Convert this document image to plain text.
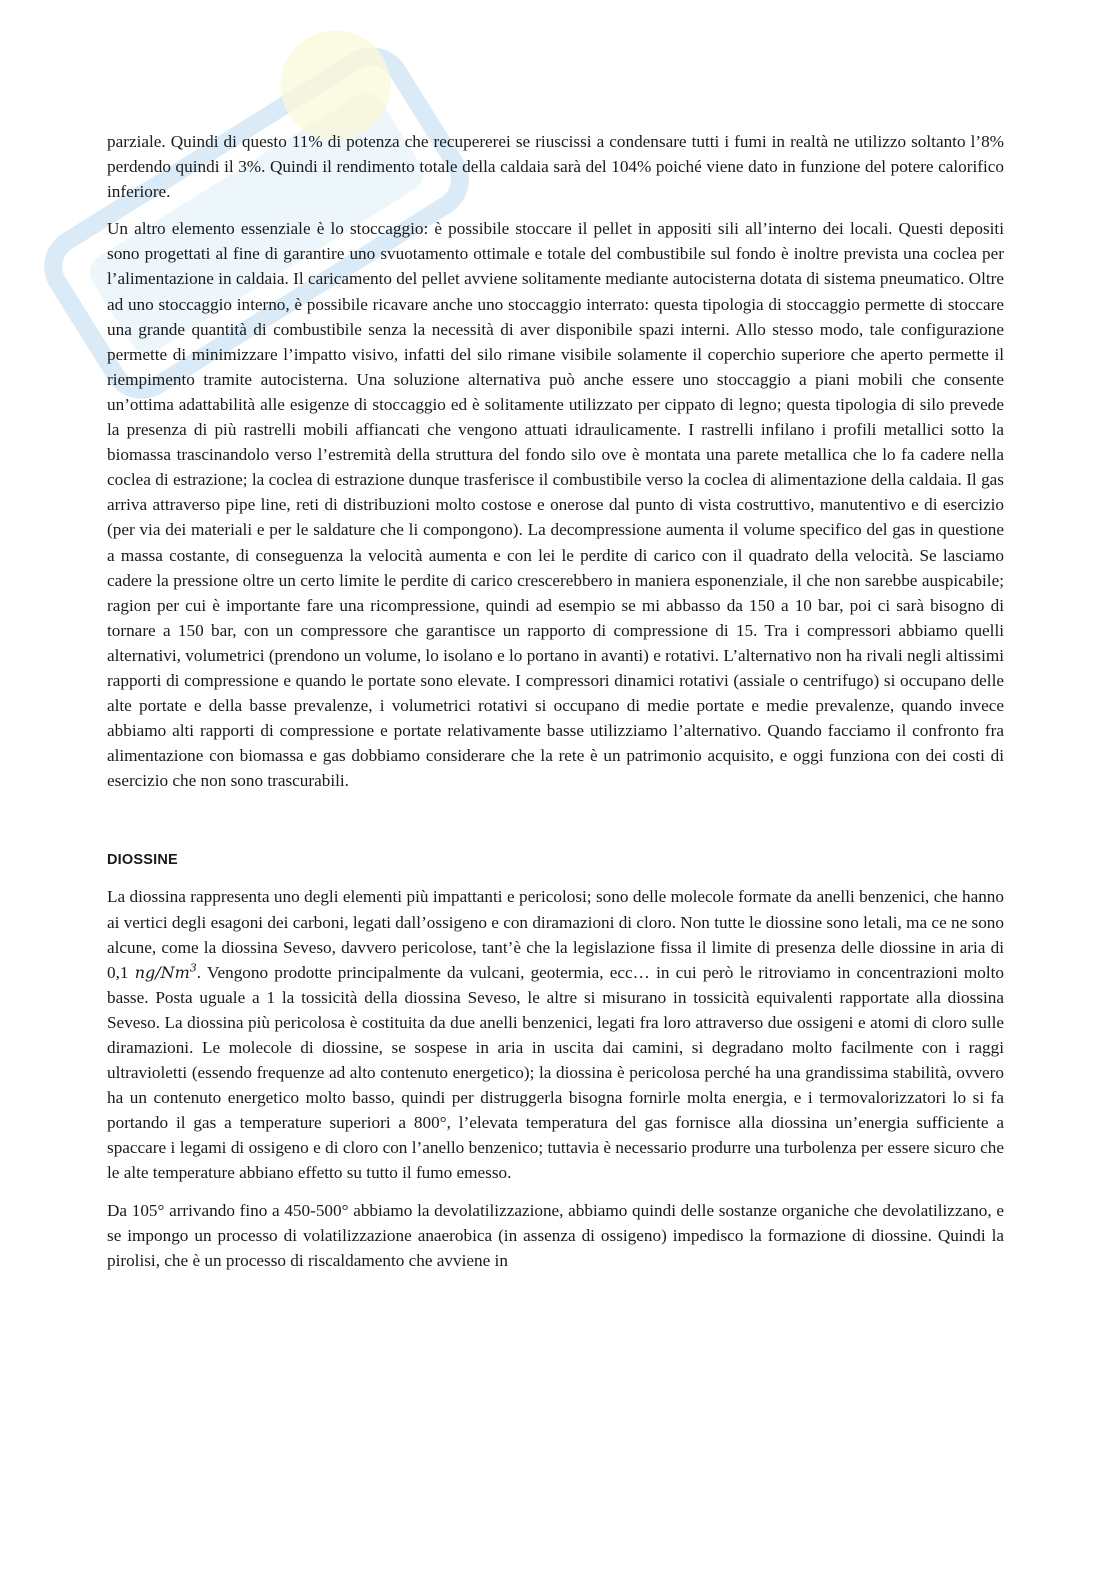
parziale. Quindi di questo 11% di potenza che recupererei se riuscissi a condensare tutti i fumi in realtà ne utilizzo soltanto l’8% perdendo quindi il 3%. Quindi il rendimento totale della caldaia sarà del 104% poiché viene dato in funzione del potere calorifico inferiore.

Un altro elemento essenziale è lo stoccaggio: è possibile stoccare il pellet in appositi sili all’interno dei locali. Questi depositi sono progettati al fine di garantire uno svuotamento ottimale e totale del combustibile sul fondo è inoltre prevista una coclea per l’alimentazione in caldaia. Il caricamento del pellet avviene solitamente mediante autocisterna dotata di sistema pneumatico. Oltre ad uno stoccaggio interno, è possibile ricavare anche uno stoccaggio interrato: questa tipologia di stoccaggio permette di stoccare una grande quantità di combustibile senza la necessità di aver disponibile spazi interni. Allo stesso modo, tale configurazione permette di minimizzare l’impatto visivo, infatti del silo rimane visibile solamente il coperchio superiore che aperto permette il riempimento tramite autocisterna. Una soluzione alternativa può anche essere uno stoccaggio a piani mobili che consente un’ottima adattabilità alle esigenze di stoccaggio ed è solitamente utilizzato per cippato di legno; questa tipologia di silo prevede la presenza di più rastrelli mobili affiancati che vengono attuati idraulicamente. I rastrelli infilano i profili metallici sotto la biomassa trascinandolo verso l’estremità della struttura del fondo silo ove è montata una parete metallica che lo fa cadere nella coclea di estrazione; la coclea di estrazione dunque trasferisce il combustibile verso la coclea di alimentazione della caldaia. Il gas arriva attraverso pipe line, reti di distribuzioni molto costose e onerose dal punto di vista costruttivo, manutentivo e di esercizio (per via dei materiali e per le saldature che li compongono). La decompressione aumenta il volume specifico del gas in questione a massa costante, di conseguenza la velocità aumenta e con lei le perdite di carico con il quadrato della velocità. Se lasciamo cadere la pressione oltre un certo limite le perdite di carico crescerebbero in maniera esponenziale, il che non sarebbe auspicabile; ragion per cui è importante fare una ricompressione, quindi ad esempio se mi abbasso da 150 a 10 bar, poi ci sarà bisogno di tornare a 150 bar, con un compressore che garantisce un rapporto di compressione di 15. Tra i compressori abbiamo quelli alternativi, volumetrici (prendono un volume, lo isolano e lo portano in avanti) e rotativi. L’alternativo non ha rivali negli altissimi rapporti di compressione e quando le portate sono elevate. I compressori dinamici rotativi (assiale o centrifugo) si occupano delle alte portate e della basse prevalenze, i volumetrici rotativi si occupano di medie portate e medie prevalenze, quando invece abbiamo alti rapporti di compressione e portate relativamente basse utilizziamo l’alternativo. Quando facciamo il confronto fra alimentazione con biomassa e gas dobbiamo considerare che la rete è un patrimonio acquisito, e oggi funziona con dei costi di esercizio che non sono trascurabili.

DIOSSINE

La diossina rappresenta uno degli elementi più impattanti e pericolosi; sono delle molecole formate da anelli benzenici, che hanno ai vertici degli esagoni dei carboni, legati dall’ossigeno e con diramazioni di cloro. Non tutte le diossine sono letali, ma ce ne sono alcune, come la diossina Seveso, davvero pericolose, tant’è che la legislazione fissa il limite di presenza delle diossine in aria di 0,1 ng/Nm$^3$. Vengono prodotte principalmente da vulcani, geotermia, ecc… in cui però le ritroviamo in concentrazioni molto basse. Posta uguale a 1 la tossicità della diossina Seveso, le altre si misurano in tossicità equivalenti rapportate alla diossina Seveso. La diossina più pericolosa è costituita da due anelli benzenici, legati fra loro attraverso due ossigeni e atomi di cloro sulle diramazioni. Le molecole di diossine, se sospese in aria in uscita dai camini, si degradano molto facilmente con i raggi ultravioletti (essendo frequenze ad alto contenuto energetico); la diossina è pericolosa perché ha una grandissima stabilità, ovvero ha un contenuto energetico molto basso, quindi per distruggerla bisogna fornirle molta energia, e i termovalorizzatori lo si fa portando il gas a temperature superiori a 800°, l’elevata temperatura del gas fornisce alla diossina un’energia sufficiente a spaccare i legami di ossigeno e di cloro con l’anello benzenico; tuttavia è necessario produrre una turbolenza per essere sicuro che le alte temperature abbiano effetto su tutto il fumo emesso.

Da 105° arrivando fino a 450-500° abbiamo la devolatilizzazione, abbiamo quindi delle sostanze organiche che devolatilizzano, e se impongo un processo di volatilizzazione anaerobica (in assenza di ossigeno) impedisco la formazione di diossine. Quindi la pirolisi, che è un processo di riscaldamento che avviene in
